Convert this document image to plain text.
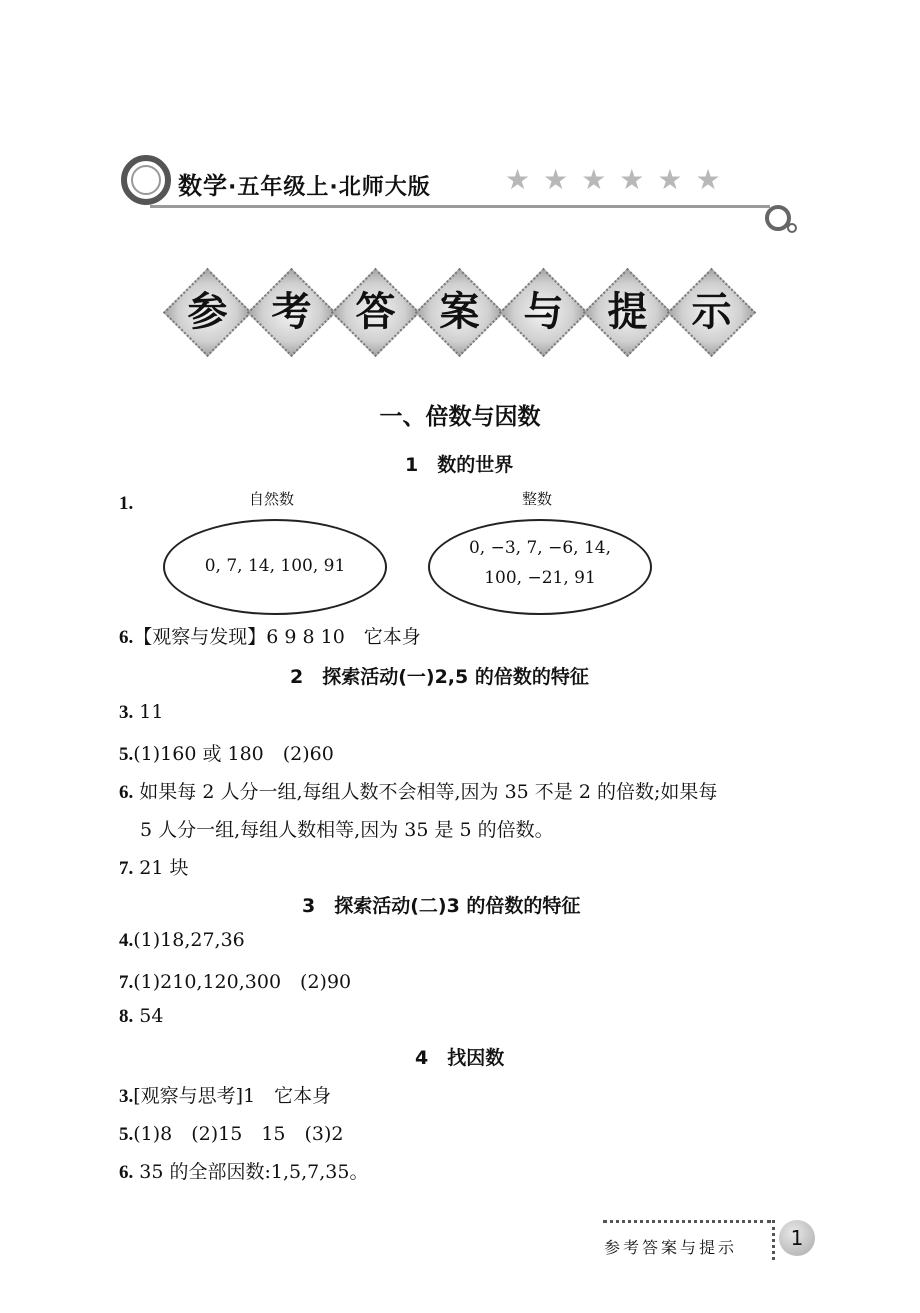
数学·五年级上·北师大版	★★★★★★
参	考	答	案	与	提	示
一、倍数与因数
1　数的世界
1.	自然数	整数
0, 7, 14, 100, 91
0, −3, 7, −6, 14,
100, −21, 91
6.【观察与发现】6 9 8 10　它本身
2　探索活动(一)2,5 的倍数的特征
3. 11
5.(1)160 或 180　(2)60
6. 如果每 2 人分一组,每组人数不会相等,因为 35 不是 2 的倍数;如果每
5 人分一组,每组人数相等,因为 35 是 5 的倍数。
7. 21 块
3　探索活动(二)3 的倍数的特征
4.(1)18,27,36
7.(1)210,120,300　(2)90
8. 54
4　找因数
3.[观察与思考]1　它本身
5.(1)8　(2)15　15　(3)2
6. 35 的全部因数:1,5,7,35。
参考答案与提示	1
